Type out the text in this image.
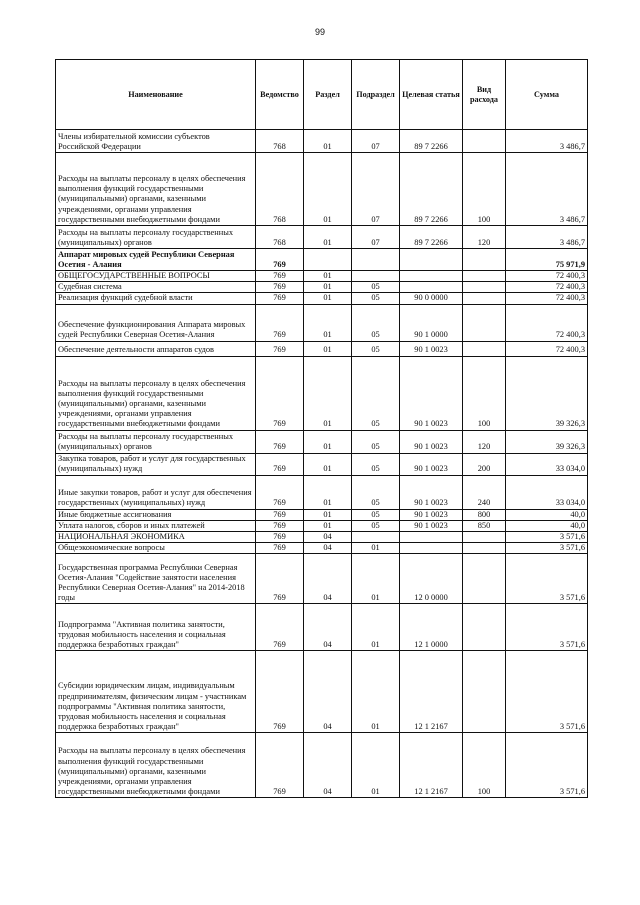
99
Наименование	Ведомство	Раздел	Подраздел	Целевая статья	Вид расхода	Сумма
Члены избирательной комиссии субъектов Российской Федерации	768	01	07	89 7 2266		3 486,7
Расходы на выплаты персоналу в целях обеспечения выполнения функций государственными (муниципальными) органами, казенными учреждениями, органами управления государственными внебюджетными фондами	768	01	07	89 7 2266	100	3 486,7
Расходы на выплаты персоналу государственных (муниципальных) органов	768	01	07	89 7 2266	120	3 486,7
Аппарат мировых судей Республики Северная Осетия - Алания	769					75 971,9
ОБЩЕГОСУДАРСТВЕННЫЕ ВОПРОСЫ	769	01				72 400,3
Судебная система	769	01	05			72 400,3
Реализация функций судебной власти	769	01	05	90 0 0000		72 400,3
Обеспечение функционирования Аппарата мировых судей Республики Северная Осетия-Алания	769	01	05	90 1 0000		72 400,3
Обеспечение деятельности аппаратов судов	769	01	05	90 1 0023		72 400,3
Расходы на выплаты персоналу в целях обеспечения выполнения функций государственными (муниципальными) органами, казенными учреждениями, органами управления государственными внебюджетными фондами	769	01	05	90 1 0023	100	39 326,3
Расходы на выплаты персоналу государственных (муниципальных) органов	769	01	05	90 1 0023	120	39 326,3
Закупка товаров, работ и услуг для государственных (муниципальных) нужд	769	01	05	90 1 0023	200	33 034,0
Иные закупки товаров, работ и услуг для обеспечения государственных (муниципальных) нужд	769	01	05	90 1 0023	240	33 034,0
Иные бюджетные ассигнования	769	01	05	90 1 0023	800	40,0
Уплата налогов, сборов и иных платежей	769	01	05	90 1 0023	850	40,0
НАЦИОНАЛЬНАЯ ЭКОНОМИКА	769	04				3 571,6
Общеэкономические вопросы	769	04	01			3 571,6
Государственная программа Республики Северная Осетия-Алания "Содействие занятости населения Республики Северная Осетия-Алания" на 2014-2018 годы	769	04	01	12 0 0000		3 571,6
Подпрограмма "Активная политика занятости, трудовая мобильность населения и социальная поддержка безработных граждан"	769	04	01	12 1 0000		3 571,6
Субсидии юридическим лицам, индивидуальным предпринимателям, физическим лицам - участникам подпрограммы "Активная политика занятости, трудовая мобильность населения и социальная поддержка безработных граждан"	769	04	01	12 1 2167		3 571,6
Расходы на выплаты персоналу в целях обеспечения выполнения функций государственными (муниципальными) органами, казенными учреждениями, органами управления государственными внебюджетными фондами	769	04	01	12 1 2167	100	3 571,6
